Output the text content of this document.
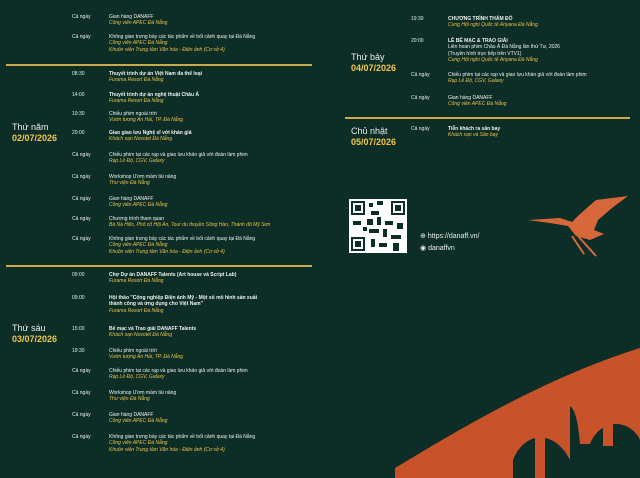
Thứ năm
02/07/2026
Thứ sáu
03/07/2026
Thứ bảy
04/07/2026
Chủ nhật
05/07/2026
Cả ngày	Gian hàng DANAFF
Công viên APEC Đà Nẵng
Cả ngày	Không gian trưng bày các tác phẩm về bối cảnh quay tại Đà Nẵng
Công viên APEC Đà Nẵng
Khuôn viên Trung tâm Văn hóa - Điện ảnh (Cơ sở 4)
08:30	Thuyết trình dự án Việt Nam đa thể loại
Furama Resort Đà Nẵng
14:00	Thuyết trình dự án nghệ thuật Châu Á
Furama Resort Đà Nẵng
19:30	Chiếu phim ngoài trời
Vườn tượng An Hải, TP. Đà Nẵng
20:00	Giao giao lưu Nghệ sĩ với khán giả
Khách sạn Novotel Đà Nẵng
Cả ngày	Chiếu phim tại các rạp và giao lưu khán giả với đoàn làm phim
Rạp Lê Độ, CGV, Galaxy
Cả ngày	Workshop Ươm mầm tài năng
Thư viện Đà Nẵng
Cả ngày	Gian hàng DANAFF
Công viên APEC Đà Nẵng
Cả ngày	Chương trình tham quan
Bà Nà Hills, Phố cổ Hội An, Tour du thuyền Sông Hàn, Thành đô Mỹ Sơn
Cả ngày	Không gian trưng bày các tác phẩm về bối cảnh quay tại Đà Nẵng
Công viên APEC Đà Nẵng
Khuôn viên Trung tâm Văn hóa - Điện ảnh (Cơ sở 4)
09:00	Chợ Dự án DANAFF Talents (Art house và Script Lab)
Furama Resort Đà Nẵng
09:00	Hội thảo "Công nghiệp Điện ảnh Mỹ - Một số mô hình sản xuất
thành công và ứng dụng cho Việt Nam"
Furama Resort Đà Nẵng
15:00	Bế mạc và Trao giải DANAFF Talents
Khách sạn Novotel Đà Nẵng
19:30	Chiếu phim ngoài trời
Vườn tượng An Hải, TP. Đà Nẵng
Cả ngày	Chiếu phim tại các rạp và giao lưu khán giả với đoàn làm phim
Rạp Lê Độ, CGV, Galaxy
Cả ngày	Workshop Ươm mầm tài năng
Thư viện Đà Nẵng
Cả ngày	Gian hàng DANAFF
Công viên APEC Đà Nẵng
Cả ngày	Không gian trưng bày các tác phẩm về bối cảnh quay tại Đà Nẵng
Công viên APEC Đà Nẵng
Khuôn viên Trung tâm Văn hóa - Điện ảnh (Cơ sở 4)
19:30	CHƯƠNG TRÌNH THẢM ĐỎ
Cung Hội nghị Quốc tế Ariyana Đà Nẵng
20:00	LỄ BẾ MẠC & TRAO GIẢI
Liên hoan phim Châu Á Đà Nẵng lần thứ Tư, 2026
(Truyền hình trực tiếp trên VTV1)
Cung Hội nghị Quốc tế Ariyana Đà Nẵng
Cả ngày	Chiếu phim tại các rạp và giao lưu khán giả với đoàn làm phim
Rạp Lê Độ, CGV, Galaxy
Cả ngày	Gian hàng DANAFF
Công viên APEC Đà Nẵng
Cả ngày	Tiễn khách ra sân bay
Khách sạn và Sân bay
⊕ https://danaff.vn/
◉ danaffvn
